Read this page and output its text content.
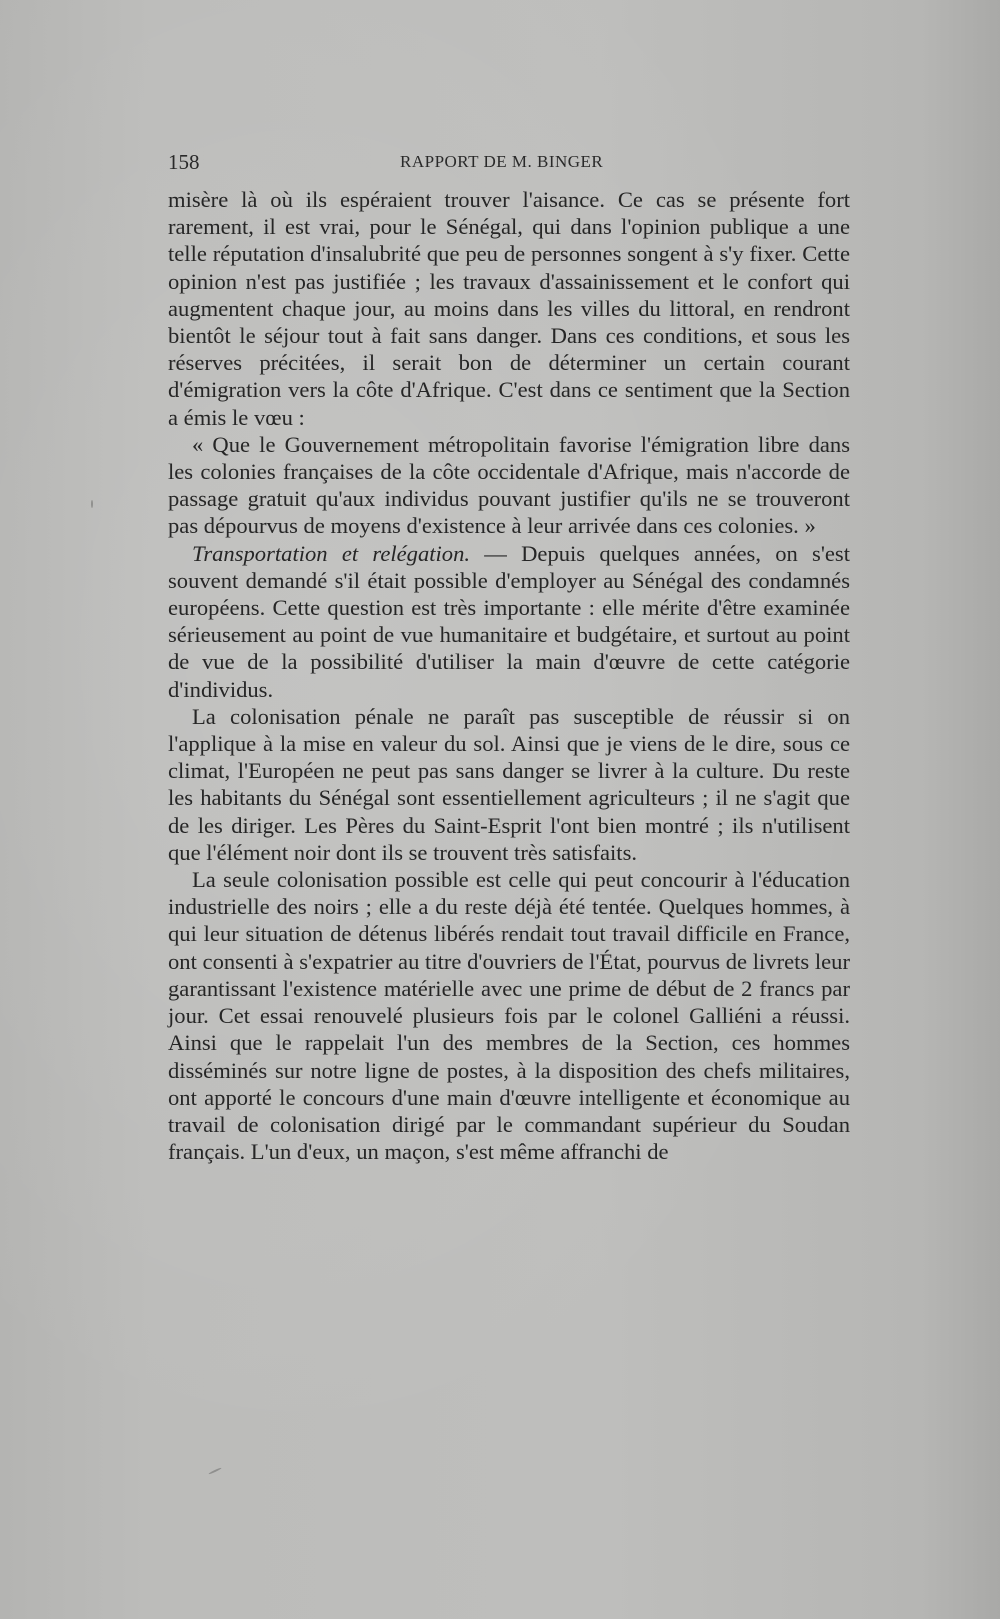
158	RAPPORT DE M. BINGER

misère là où ils espéraient trouver l'aisance. Ce cas se présente fort rarement, il est vrai, pour le Sénégal, qui dans l'opinion publique a une telle réputation d'insalubrité que peu de personnes songent à s'y fixer. Cette opinion n'est pas justifiée ; les travaux d'assainissement et le confort qui augmentent chaque jour, au moins dans les villes du littoral, en rendront bientôt le séjour tout à fait sans danger. Dans ces conditions, et sous les réserves précitées, il serait bon de déterminer un certain courant d'émigration vers la côte d'Afrique. C'est dans ce sentiment que la Section a émis le vœu :

« Que le Gouvernement métropolitain favorise l'émigration libre dans les colonies françaises de la côte occidentale d'Afrique, mais n'accorde de passage gratuit qu'aux individus pouvant justifier qu'ils ne se trouveront pas dépourvus de moyens d'existence à leur arrivée dans ces colonies. »

Transportation et relégation. — Depuis quelques années, on s'est souvent demandé s'il était possible d'employer au Sénégal des condamnés européens. Cette question est très importante : elle mérite d'être examinée sérieusement au point de vue humanitaire et budgétaire, et surtout au point de vue de la possibilité d'utiliser la main d'œuvre de cette catégorie d'individus.

La colonisation pénale ne paraît pas susceptible de réussir si on l'applique à la mise en valeur du sol. Ainsi que je viens de le dire, sous ce climat, l'Européen ne peut pas sans danger se livrer à la culture. Du reste les habitants du Sénégal sont essentiellement agriculteurs ; il ne s'agit que de les diriger. Les Pères du Saint-Esprit l'ont bien montré ; ils n'utilisent que l'élément noir dont ils se trouvent très satisfaits.

La seule colonisation possible est celle qui peut concourir à l'éducation industrielle des noirs ; elle a du reste déjà été tentée. Quelques hommes, à qui leur situation de détenus libérés rendait tout travail difficile en France, ont consenti à s'expatrier au titre d'ouvriers de l'État, pourvus de livrets leur garantissant l'existence matérielle avec une prime de début de 2 francs par jour. Cet essai renouvelé plusieurs fois par le colonel Galliéni a réussi. Ainsi que le rappelait l'un des membres de la Section, ces hommes disséminés sur notre ligne de postes, à la disposition des chefs militaires, ont apporté le concours d'une main d'œuvre intelligente et économique au travail de colonisation dirigé par le commandant supérieur du Soudan français. L'un d'eux, un maçon, s'est même affranchi de
